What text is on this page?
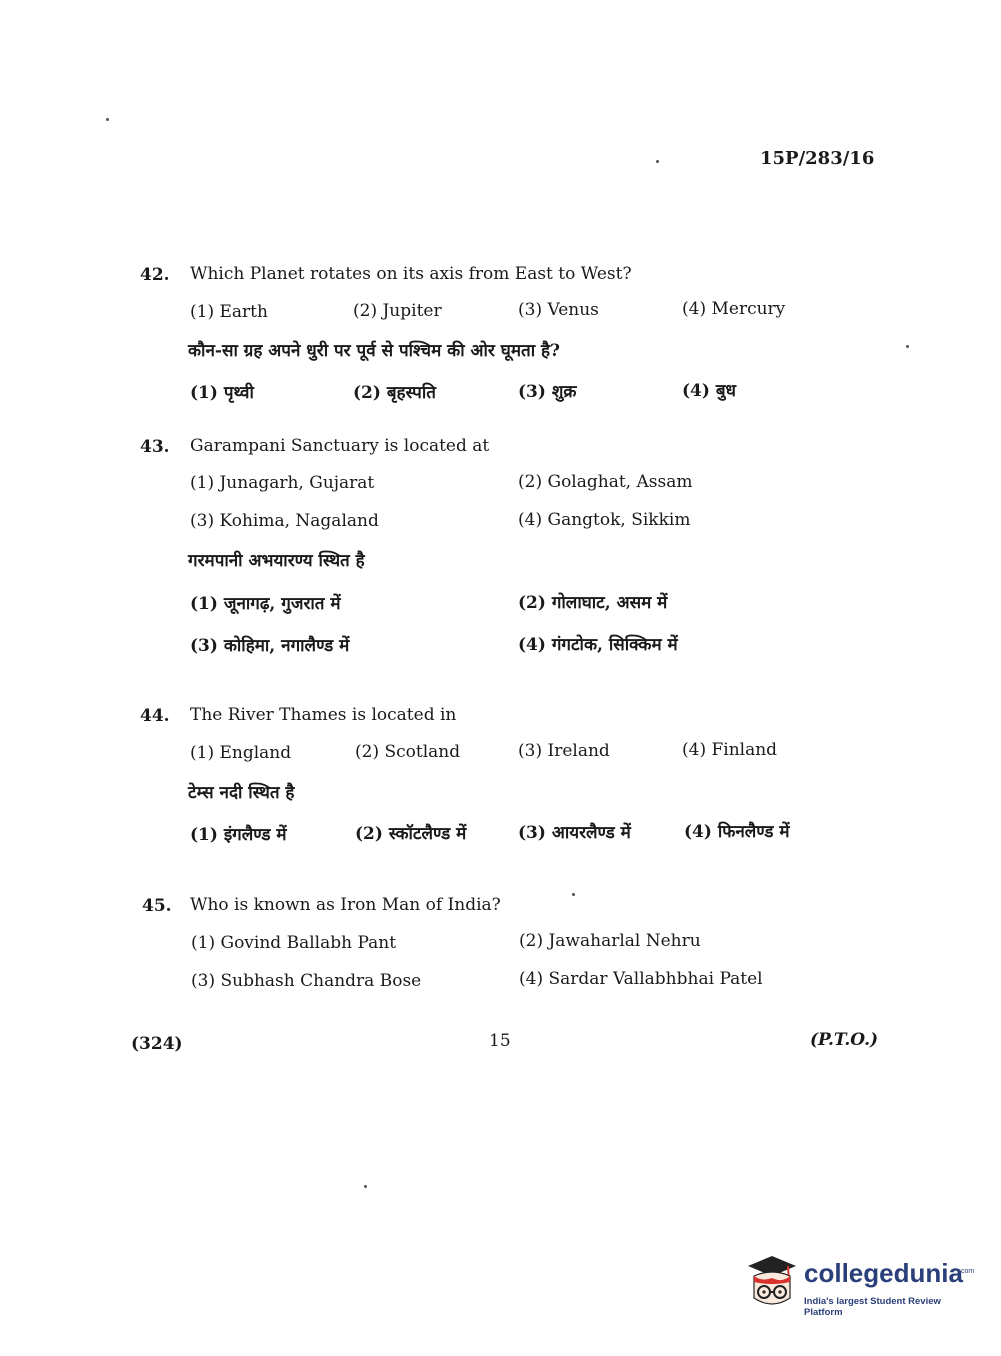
15P/283/16
42. Which Planet rotates on its axis from East to West?
(1) Earth	(2) Jupiter	(3) Venus	(4) Mercury
कौन-सा ग्रह अपने धुरी पर पूर्व से पश्चिम की ओर घूमता है?
(1) पृथ्वी	(2) बृहस्पति	(3) शुक्र	(4) बुध
43. Garampani Sanctuary is located at
(1) Junagarh, Gujarat	(2) Golaghat, Assam
(3) Kohima, Nagaland	(4) Gangtok, Sikkim
गरमपानी अभयारण्य स्थित है
(1) जूनागढ़, गुजरात में	(2) गोलाघाट, असम में
(3) कोहिमा, नगालैण्ड में	(4) गंगटोक, सिक्किम में
44. The River Thames is located in
(1) England	(2) Scotland	(3) Ireland	(4) Finland
टेम्स नदी स्थित है
(1) इंगलैण्ड में	(2) स्कॉटलैण्ड में	(3) आयरलैण्ड में	(4) फिनलैण्ड में
45. Who is known as Iron Man of India?
(1) Govind Ballabh Pant	(2) Jawaharlal Nehru
(3) Subhash Chandra Bose	(4) Sardar Vallabhbhai Patel
(324)	15	(P.T.O.)
collegedunia
.com
India's largest Student Review Platform
